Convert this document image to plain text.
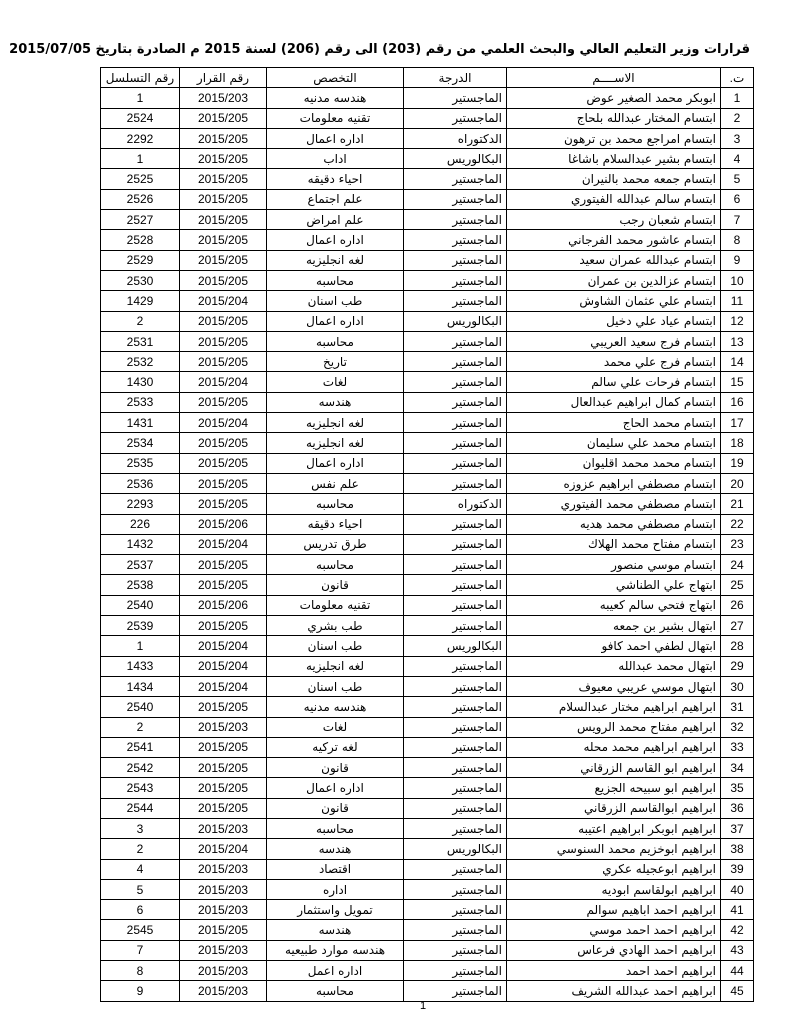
قرارات وزير التعليم العالي والبحث العلمي من رقم (203) الى رقم (206) لسنة 2015 م الصادرة بتاريخ 2015/07/05
ت.	الاســــم	الدرجة	التخصص	رقم القرار	رقم التسلسل
1	ابوبكر محمد الصغير عوض	الماجستير	هندسه مدنيه	2015/203	1
2	ابتسام المختار عبدالله بلحاج	الماجستير	تقنيه معلومات	2015/205	2524
3	ابتسام امراجع محمد بن ترهون	الدكتوراه	اداره اعمال	2015/205	2292
4	ابتسام بشير عبدالسلام باشاغا	البكالوريس	اداب	2015/205	1
5	ابتسام جمعه محمد بالنيران	الماجستير	احياء دقيقه	2015/205	2525
6	ابتسام سالم عبدالله الفيتوري	الماجستير	علم اجتماع	2015/205	2526
7	ابتسام شعبان رجب	الماجستير	علم امراض	2015/205	2527
8	ابتسام عاشور محمد الفرجاني	الماجستير	اداره اعمال	2015/205	2528
9	ابتسام عبدالله عمران سعيد	الماجستير	لغه انجليزيه	2015/205	2529
10	ابتسام عزالدين بن عمران	الماجستير	محاسبه	2015/205	2530
11	ابتسام علي عثمان الشاوش	الماجستير	طب اسنان	2015/204	1429
12	ابتسام عياد علي دخيل	البكالوريس	اداره اعمال	2015/205	2
13	ابتسام فرج سعيد العريبي	الماجستير	محاسبه	2015/205	2531
14	ابتسام فرج علي محمد	الماجستير	تاريخ	2015/205	2532
15	ابتسام فرحات علي سالم	الماجستير	لغات	2015/204	1430
16	ابتسام كمال ابراهيم عبدالعال	الماجستير	هندسه	2015/205	2533
17	ابتسام محمد الحاج	الماجستير	لغه انجليزيه	2015/204	1431
18	ابتسام محمد علي سليمان	الماجستير	لغه انجليزيه	2015/205	2534
19	ابتسام محمد محمد اقليوان	الماجستير	اداره اعمال	2015/205	2535
20	ابتسام مصطفي ابراهيم عزوزه	الماجستير	علم نفس	2015/205	2536
21	ابتسام مصطفي محمد الفيتوري	الدكتوراه	محاسبه	2015/205	2293
22	ابتسام مصطفي محمد هديه	الماجستير	احياء دقيقه	2015/206	226
23	ابتسام مفتاح محمد الهلاك	الماجستير	طرق تدريس	2015/204	1432
24	ابتسام موسي منصور	الماجستير	محاسبه	2015/205	2537
25	ابتهاج علي الطناشي	الماجستير	قانون	2015/205	2538
26	ابتهاج فتحي سالم كعيبه	الماجستير	تقنيه معلومات	2015/206	2540
27	ابتهال بشير بن جمعه	الماجستير	طب بشري	2015/205	2539
28	ابتهال لطفي احمد كافو	البكالوريس	طب اسنان	2015/204	1
29	ابتهال محمد عبدالله	الماجستير	لغه انجليزيه	2015/204	1433
30	ابتهال موسي عريبي معيوف	الماجستير	طب اسنان	2015/204	1434
31	ابراهيم ابراهيم مختار عبدالسلام	الماجستير	هندسه مدنيه	2015/205	2540
32	ابراهيم مفتاح محمد الرويس	الماجستير	لغات	2015/203	2
33	ابراهيم ابراهيم محمد محله	الماجستير	لغه تركيه	2015/205	2541
34	ابراهيم ابو القاسم الزرقاني	الماجستير	قانون	2015/205	2542
35	ابراهيم ابو سبيحه الجزيع	الماجستير	اداره اعمال	2015/205	2543
36	ابراهيم ابوالقاسم الزرقاني	الماجستير	قانون	2015/205	2544
37	ابراهيم ابوبكر ابراهيم اعتيبه	الماجستير	محاسبه	2015/203	3
38	ابراهيم ابوخزيم محمد السنوسي	البكالوريس	هندسه	2015/204	2
39	ابراهيم ابوعجيله عكري	الماجستير	اقتصاد	2015/203	4
40	ابراهيم ابولقاسم ابوديه	الماجستير	اداره	2015/203	5
41	ابراهيم احمد اباهيم سوالم	الماجستير	تمويل واستثمار	2015/203	6
42	ابراهيم احمد احمد موسي	الماجستير	هندسه	2015/205	2545
43	ابراهيم احمد الهادي فرعاس	الماجستير	هندسه موارد طبيعيه	2015/203	7
44	ابراهيم احمد احمد	الماجستير	اداره اعمل	2015/203	8
45	ابراهيم احمد عبدالله الشريف	الماجستير	محاسبه	2015/203	9
1
